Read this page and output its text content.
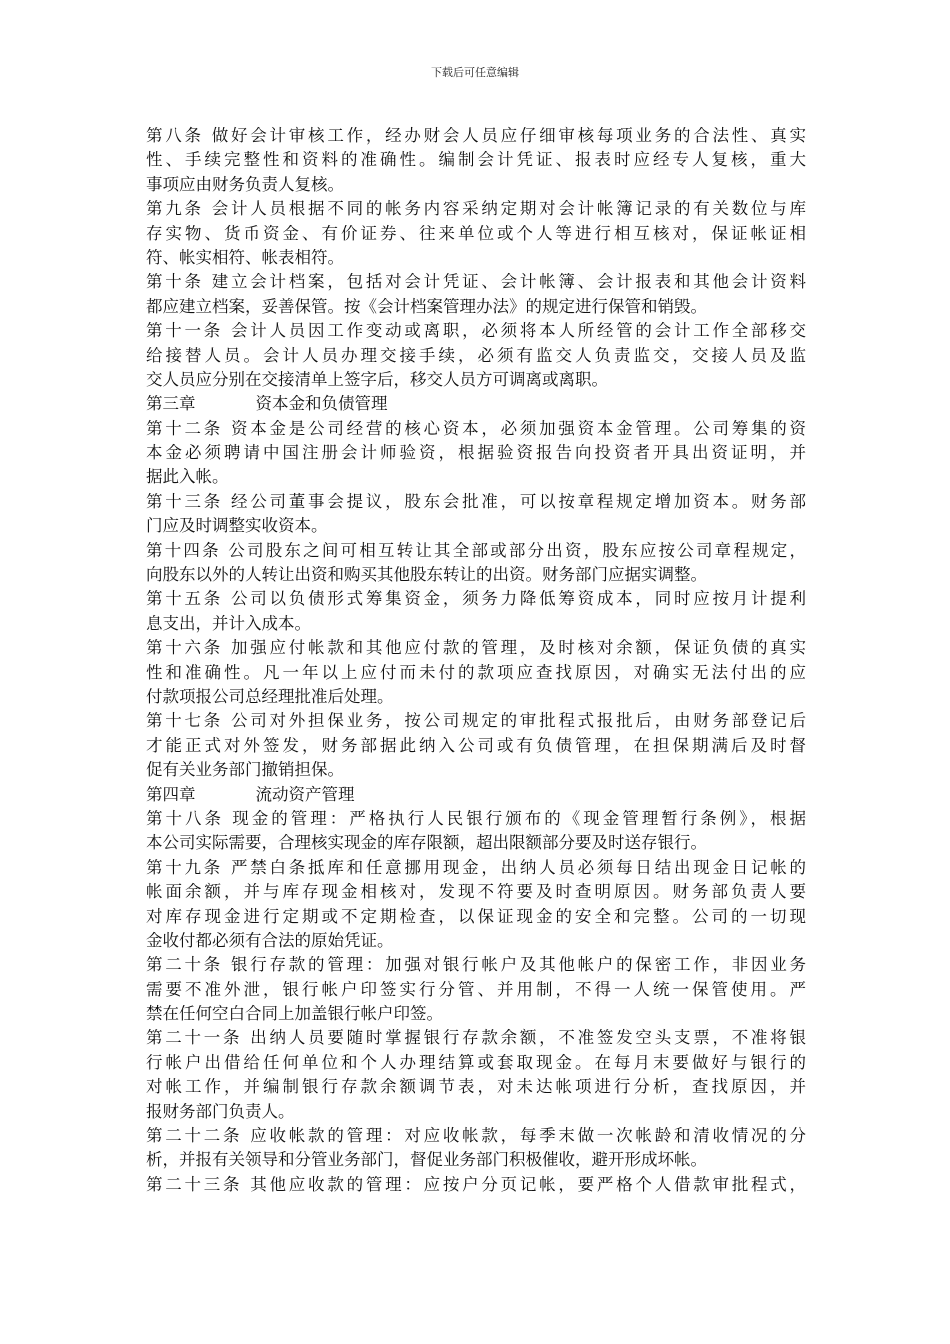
下载后可任意编辑
第八条 做好会计审核工作，经办财会人员应仔细审核每项业务的合法性、真实
性、手续完整性和资料的准确性。编制会计凭证、报表时应经专人复核，重大
事项应由财务负责人复核。
第九条 会计人员根据不同的帐务内容采纳定期对会计帐簿记录的有关数位与库
存实物、货币资金、有价证券、往来单位或个人等进行相互核对，保证帐证相
符、帐实相符、帐表相符。
第十条 建立会计档案，包括对会计凭证、会计帐簿、会计报表和其他会计资料
都应建立档案，妥善保管。按《会计档案管理办法》的规定进行保管和销毁。
第十一条 会计人员因工作变动或离职，必须将本人所经管的会计工作全部移交
给接替人员。会计人员办理交接手续，必须有监交人负责监交，交接人员及监
交人员应分别在交接清单上签字后，移交人员方可调离或离职。
第三章	资本金和负债管理
第十二条 资本金是公司经营的核心资本，必须加强资本金管理。公司筹集的资
本金必须聘请中国注册会计师验资，根据验资报告向投资者开具出资证明，并
据此入帐。
第十三条 经公司董事会提议，股东会批准，可以按章程规定增加资本。财务部
门应及时调整实收资本。
第十四条 公司股东之间可相互转让其全部或部分出资，股东应按公司章程规定，
向股东以外的人转让出资和购买其他股东转让的出资。财务部门应据实调整。
第十五条 公司以负债形式筹集资金，须务力降低筹资成本，同时应按月计提利
息支出，并计入成本。
第十六条 加强应付帐款和其他应付款的管理，及时核对余额，保证负债的真实
性和准确性。凡一年以上应付而未付的款项应查找原因，对确实无法付出的应
付款项报公司总经理批准后处理。
第十七条 公司对外担保业务，按公司规定的审批程式报批后，由财务部登记后
才能正式对外签发，财务部据此纳入公司或有负债管理，在担保期满后及时督
促有关业务部门撤销担保。
第四章	流动资产管理
第十八条 现金的管理：严格执行人民银行颁布的《现金管理暂行条例》，根据
本公司实际需要，合理核实现金的库存限额，超出限额部分要及时送存银行。
第十九条 严禁白条抵库和任意挪用现金，出纳人员必须每日结出现金日记帐的
帐面余额，并与库存现金相核对，发现不符要及时查明原因。财务部负责人要
对库存现金进行定期或不定期检查，以保证现金的安全和完整。公司的一切现
金收付都必须有合法的原始凭证。
第二十条 银行存款的管理：加强对银行帐户及其他帐户的保密工作，非因业务
需要不准外泄，银行帐户印签实行分管、并用制，不得一人统一保管使用。严
禁在任何空白合同上加盖银行帐户印签。
第二十一条 出纳人员要随时掌握银行存款余额，不准签发空头支票，不准将银
行帐户出借给任何单位和个人办理结算或套取现金。在每月末要做好与银行的
对帐工作，并编制银行存款余额调节表，对未达帐项进行分析，查找原因，并
报财务部门负责人。
第二十二条 应收帐款的管理：对应收帐款，每季末做一次帐龄和清收情况的分
析，并报有关领导和分管业务部门，督促业务部门积极催收，避开形成坏帐。
第二十三条 其他应收款的管理：应按户分页记帐，要严格个人借款审批程式，
